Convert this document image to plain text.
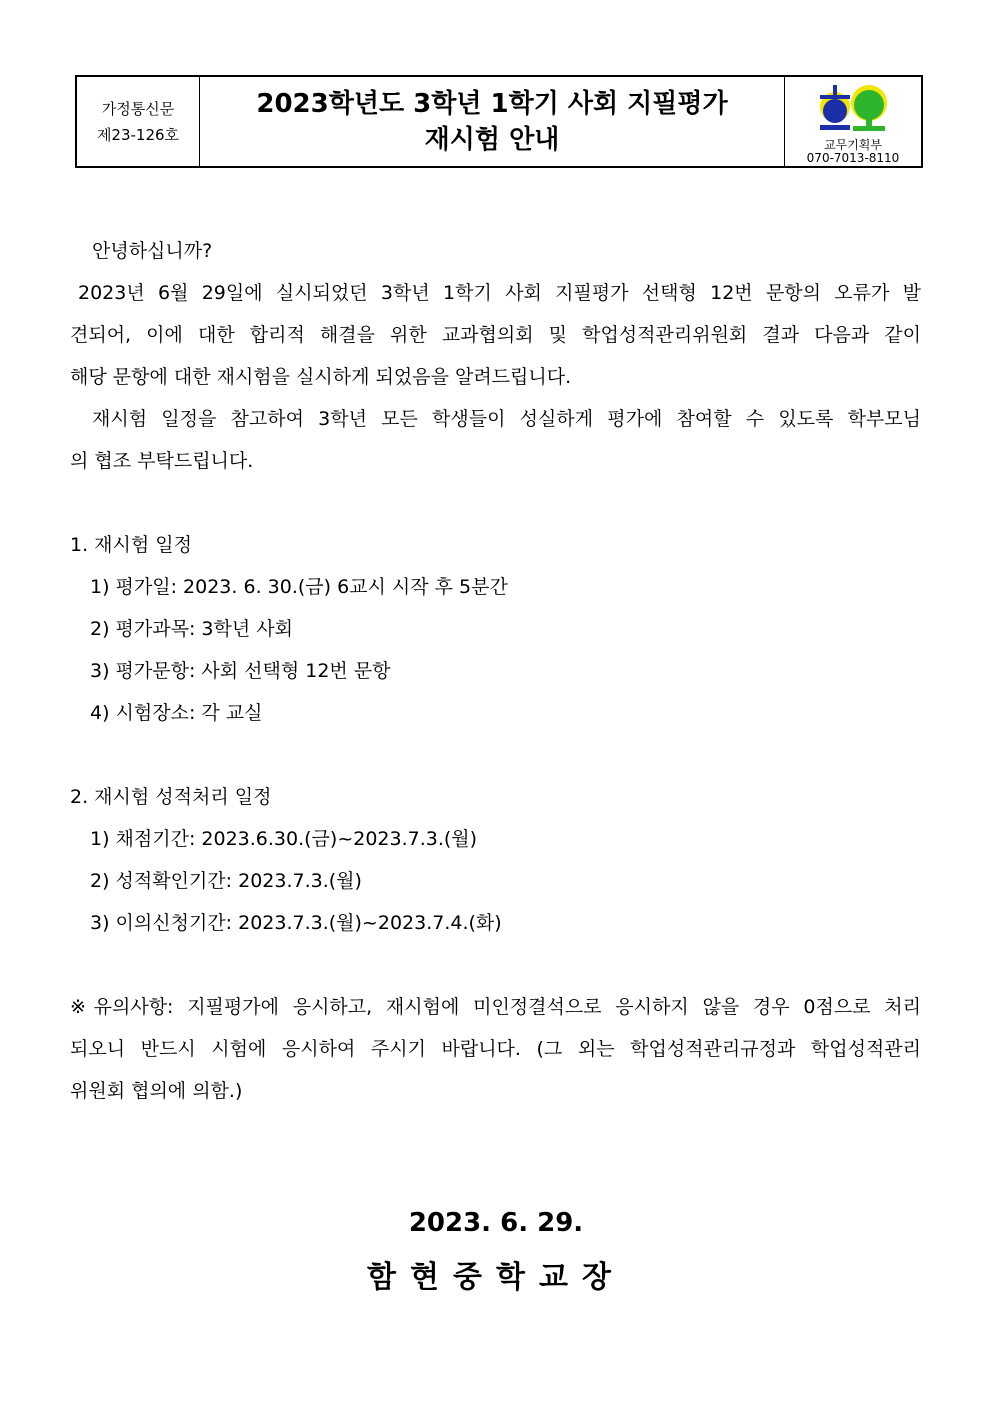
가정통신문
제23-126호
2023학년도 3학년 1학기 사회 지필평가
재시험 안내	교무기획부
070-7013-8110

안녕하십니까?

2023년 6월 29일에 실시되었던 3학년 1학기 사회 지필평가 선택형 12번 문항의 오류가 발

견되어, 이에 대한 합리적 해결을 위한 교과협의회 및 학업성적관리위원회 결과 다음과 같이

해당 문항에 대한 재시험을 실시하게 되었음을 알려드립니다.

재시험 일정을 참고하여 3학년 모든 학생들이 성실하게 평가에 참여할 수 있도록 학부모님

의 협조 부탁드립니다.

1. 재시험 일정

1) 평가일: 2023. 6. 30.(금) 6교시 시작 후 5분간

2) 평가과목: 3학년 사회

3) 평가문항: 사회 선택형 12번 문항

4) 시험장소: 각 교실

2. 재시험 성적처리 일정

1) 채점기간: 2023.6.30.(금)~2023.7.3.(월)

2) 성적확인기간: 2023.7.3.(월)

3) 이의신청기간: 2023.7.3.(월)~2023.7.4.(화)

※유의사항: 지필평가에 응시하고, 재시험에 미인정결석으로 응시하지 않을 경우 0점으로 처리

되오니 반드시 시험에 응시하여 주시기 바랍니다. (그 외는 학업성적관리규정과 학업성적관리

위원회 협의에 의함.)

2023. 6. 29.
함현중학교장
